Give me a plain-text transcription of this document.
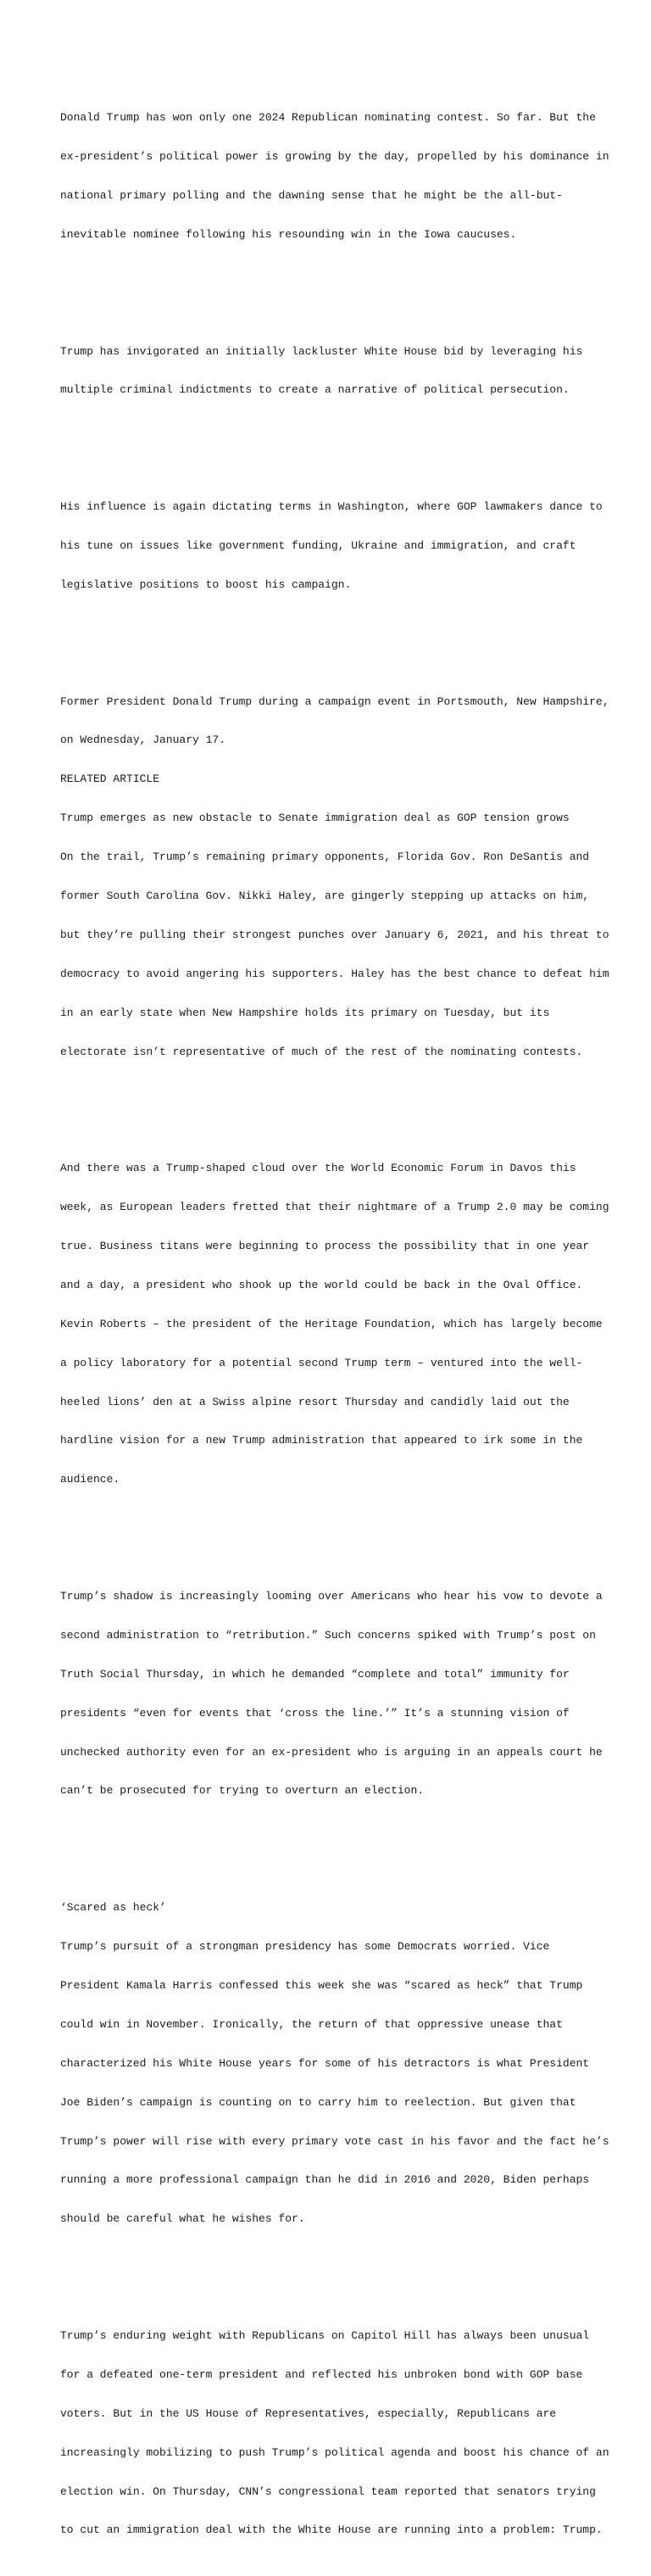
Donald Trump has won only one 2024 Republican nominating contest. So far. But the

ex-president’s political power is growing by the day, propelled by his dominance in

national primary polling and the dawning sense that he might be the all-but-

inevitable nominee following his resounding win in the Iowa caucuses.

Trump has invigorated an initially lackluster White House bid by leveraging his

multiple criminal indictments to create a narrative of political persecution.

His influence is again dictating terms in Washington, where GOP lawmakers dance to

his tune on issues like government funding, Ukraine and immigration, and craft

legislative positions to boost his campaign.

Former President Donald Trump during a campaign event in Portsmouth, New Hampshire,

on Wednesday, January 17.

RELATED ARTICLE

Trump emerges as new obstacle to Senate immigration deal as GOP tension grows

On the trail, Trump’s remaining primary opponents, Florida Gov. Ron DeSantis and

former South Carolina Gov. Nikki Haley, are gingerly stepping up attacks on him,

but they’re pulling their strongest punches over January 6, 2021, and his threat to

democracy to avoid angering his supporters. Haley has the best chance to defeat him

in an early state when New Hampshire holds its primary on Tuesday, but its

electorate isn’t representative of much of the rest of the nominating contests.

And there was a Trump-shaped cloud over the World Economic Forum in Davos this

week, as European leaders fretted that their nightmare of a Trump 2.0 may be coming

true. Business titans were beginning to process the possibility that in one year

and a day, a president who shook up the world could be back in the Oval Office.

Kevin Roberts – the president of the Heritage Foundation, which has largely become

a policy laboratory for a potential second Trump term – ventured into the well-

heeled lions’ den at a Swiss alpine resort Thursday and candidly laid out the

hardline vision for a new Trump administration that appeared to irk some in the

audience.

Trump’s shadow is increasingly looming over Americans who hear his vow to devote a

second administration to “retribution.” Such concerns spiked with Trump’s post on

Truth Social Thursday, in which he demanded “complete and total” immunity for

presidents “even for events that ‘cross the line.’” It’s a stunning vision of

unchecked authority even for an ex-president who is arguing in an appeals court he

can’t be prosecuted for trying to overturn an election.

‘Scared as heck’

Trump’s pursuit of a strongman presidency has some Democrats worried. Vice

President Kamala Harris confessed this week she was “scared as heck” that Trump

could win in November. Ironically, the return of that oppressive unease that

characterized his White House years for some of his detractors is what President

Joe Biden’s campaign is counting on to carry him to reelection. But given that

Trump’s power will rise with every primary vote cast in his favor and the fact he’s

running a more professional campaign than he did in 2016 and 2020, Biden perhaps

should be careful what he wishes for.

Trump’s enduring weight with Republicans on Capitol Hill has always been unusual

for a defeated one-term president and reflected his unbroken bond with GOP base

voters. But in the US House of Representatives, especially, Republicans are

increasingly mobilizing to push Trump’s political agenda and boost his chance of an

election win. On Thursday, CNN’s congressional team reported that senators trying

to cut an immigration deal with the White House are running into a problem: Trump.
